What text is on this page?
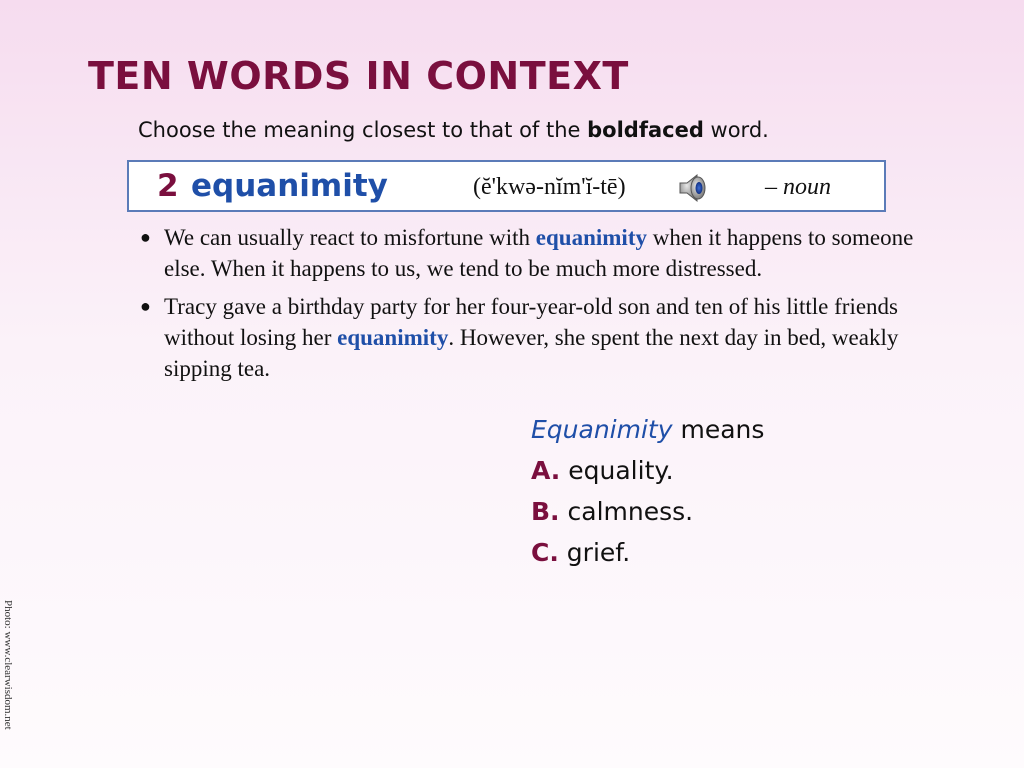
TEN WORDS IN CONTEXT
Choose the meaning closest to that of the boldfaced word.
2 equanimity	(ĕ'kwə-nĭm'ĭ-tē)	– noun
● We can usually react to misfortune with equanimity when it happens to someone else. When it happens to us, we tend to be much more distressed.
● Tracy gave a birthday party for her four-year-old son and ten of his little friends without losing her equanimity. However, she spent the next day in bed, weakly sipping tea.
Equanimity means
A. equality.
B. calmness.
C. grief.
Photo: www.clearwisdom.net
